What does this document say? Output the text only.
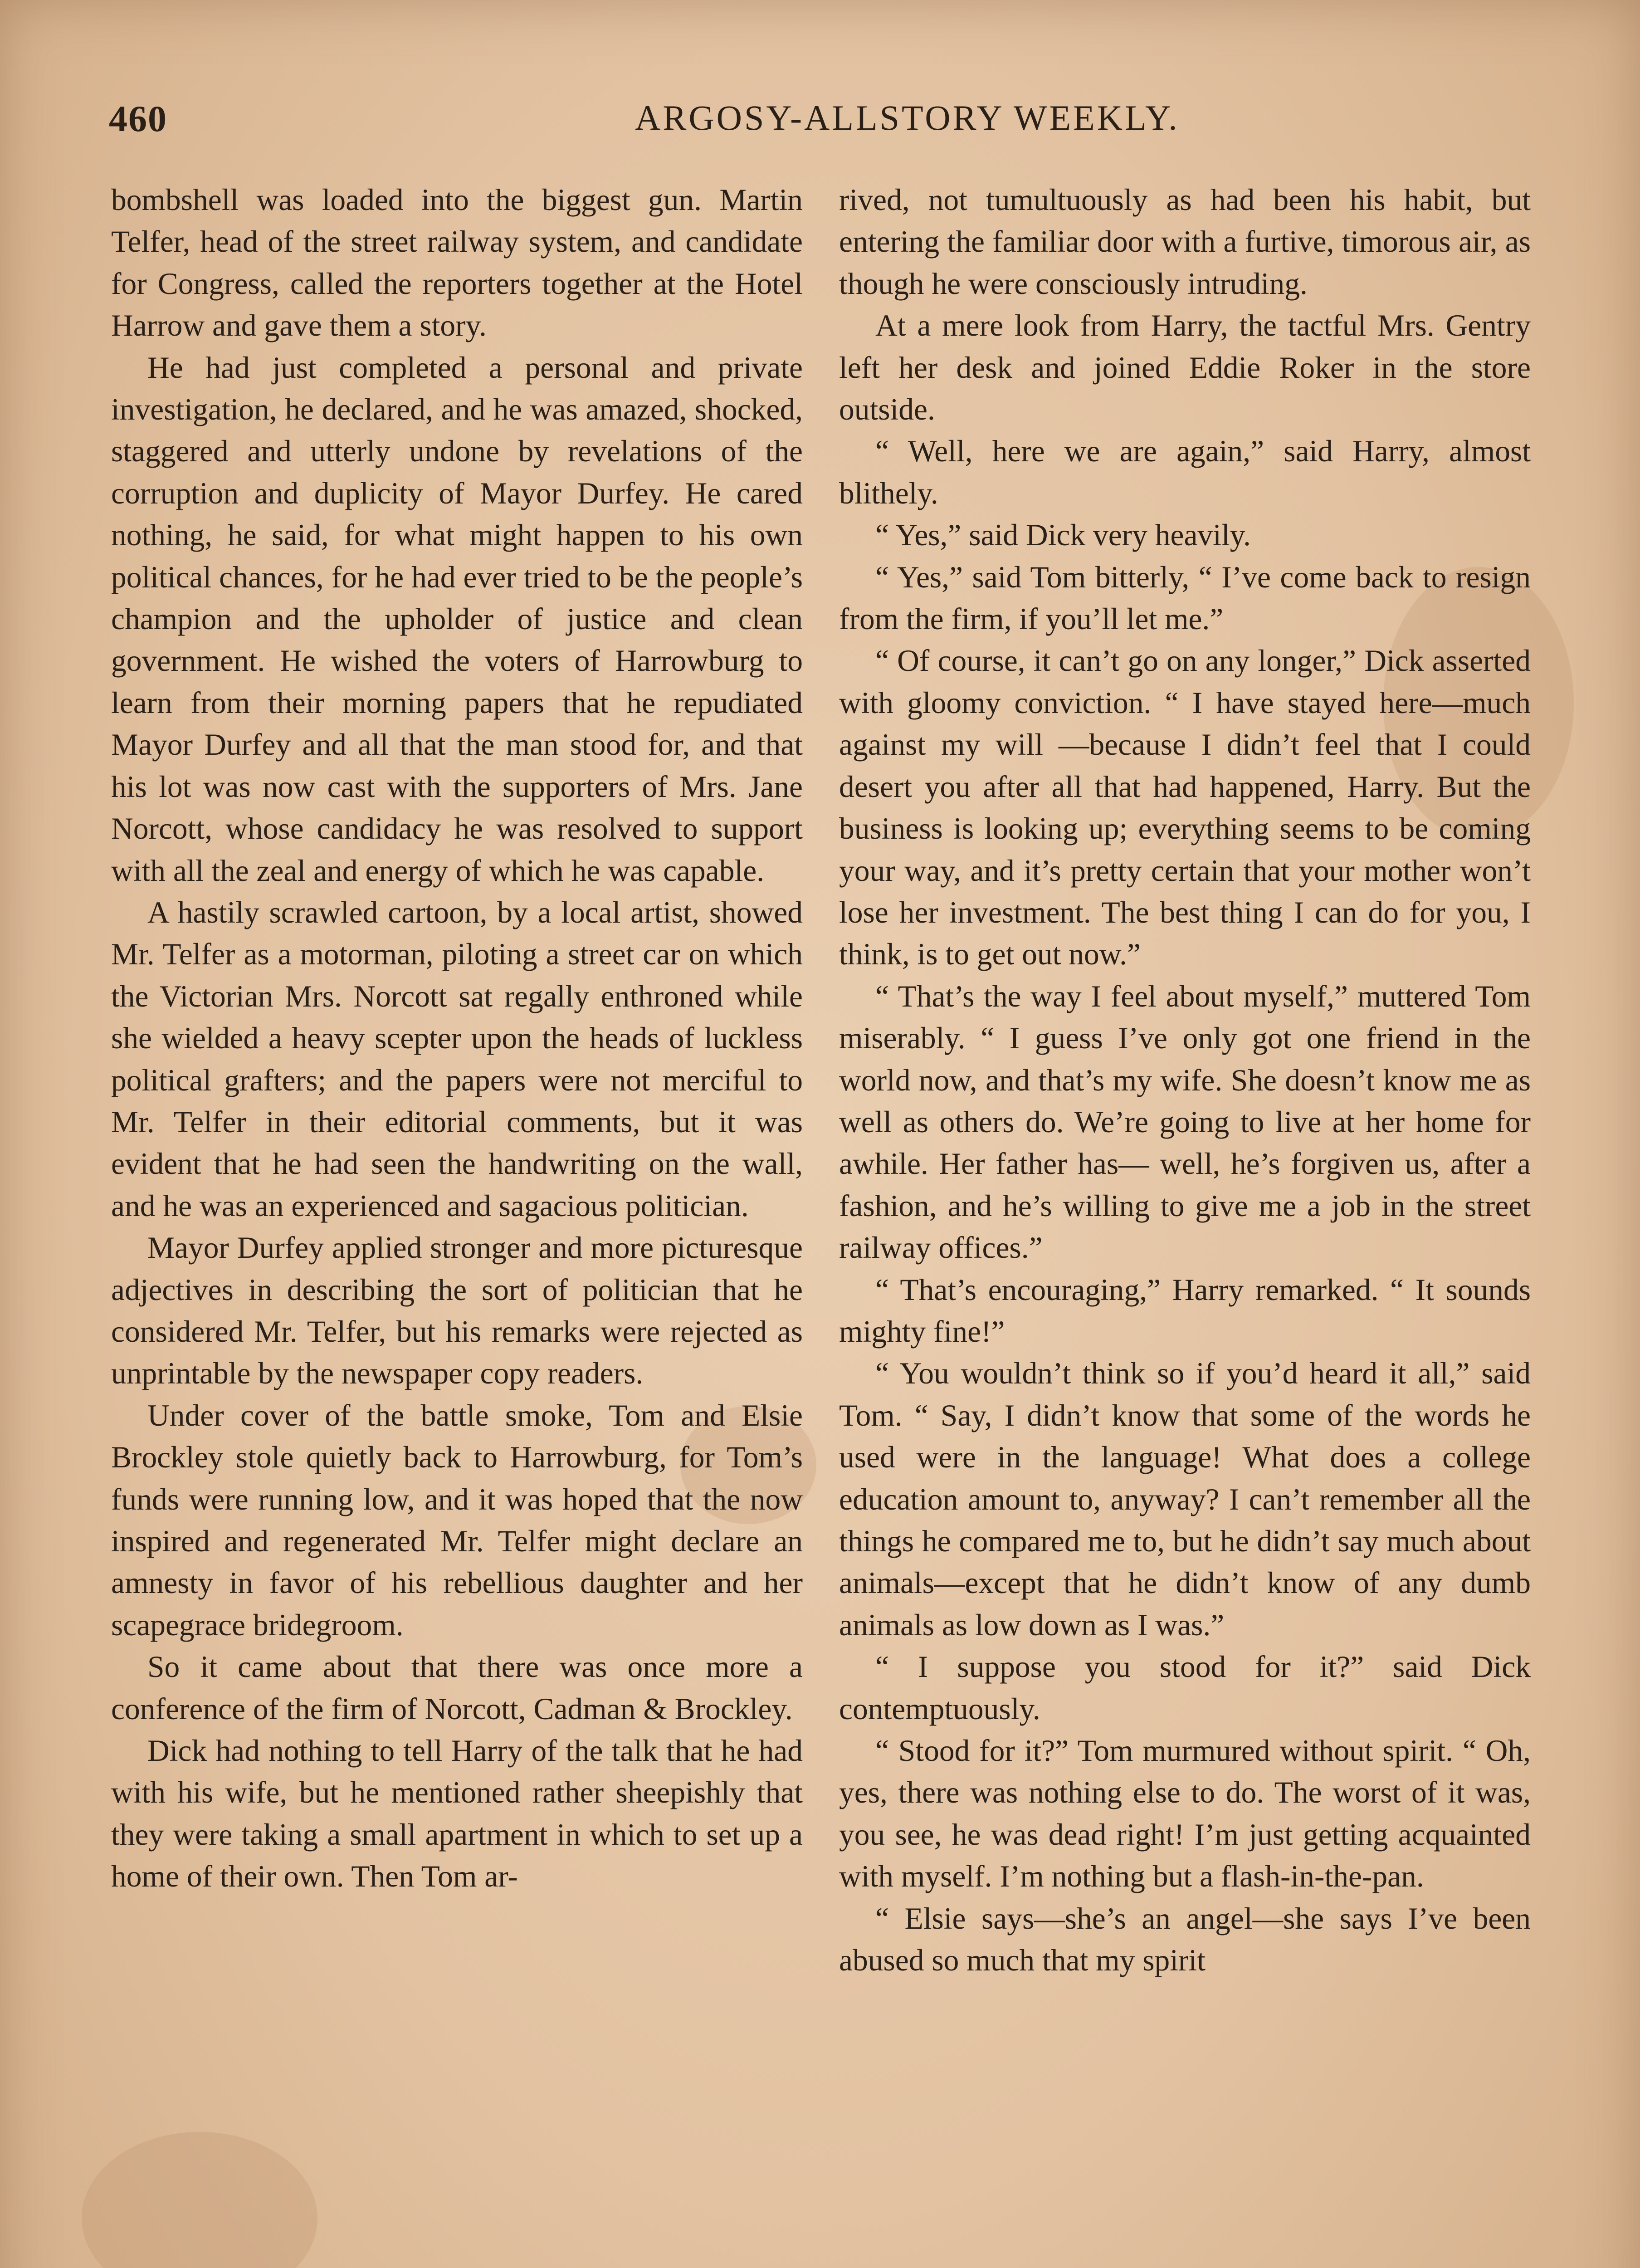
460	ARGOSY-ALLSTORY WEEKLY.

bombshell was loaded into the biggest gun. Martin Telfer, head of the street railway system, and candidate for Congress, called the reporters together at the Hotel Harrow and gave them a story.

He had just completed a personal and private investigation, he declared, and he was amazed, shocked, staggered and utterly undone by revelations of the corruption and duplicity of Mayor Durfey. He cared nothing, he said, for what might happen to his own political chances, for he had ever tried to be the people’s champion and the upholder of justice and clean government. He wished the voters of Harrowburg to learn from their morning papers that he repudiated Mayor Durfey and all that the man stood for, and that his lot was now cast with the supporters of Mrs. Jane Norcott, whose candidacy he was resolved to support with all the zeal and energy of which he was capable.

A hastily scrawled cartoon, by a local artist, showed Mr. Telfer as a motorman, piloting a street car on which the Victorian Mrs. Norcott sat regally enthroned while she wielded a heavy scepter upon the heads of luckless political grafters; and the papers were not merciful to Mr. Telfer in their editorial comments, but it was evident that he had seen the handwriting on the wall, and he was an experienced and sagacious politician.

Mayor Durfey applied stronger and more picturesque adjectives in describing the sort of politician that he considered Mr. Telfer, but his remarks were rejected as unprintable by the newspaper copy readers.

Under cover of the battle smoke, Tom and Elsie Brockley stole quietly back to Harrowburg, for Tom’s funds were running low, and it was hoped that the now inspired and regenerated Mr. Telfer might declare an amnesty in favor of his rebellious daughter and her scapegrace bridegroom.

So it came about that there was once more a conference of the firm of Norcott, Cadman & Brockley.

Dick had nothing to tell Harry of the talk that he had with his wife, but he mentioned rather sheepishly that they were taking a small apartment in which to set up a home of their own. Then Tom ar-

rived, not tumultuously as had been his habit, but entering the familiar door with a furtive, timorous air, as though he were consciously intruding.

At a mere look from Harry, the tactful Mrs. Gentry left her desk and joined Eddie Roker in the store outside.

“ Well, here we are again,” said Harry, almost blithely.

“ Yes,” said Dick very heavily.

“ Yes,” said Tom bitterly, “ I’ve come back to resign from the firm, if you’ll let me.”

“ Of course, it can’t go on any longer,” Dick asserted with gloomy conviction. “ I have stayed here—much against my will —because I didn’t feel that I could desert you after all that had happened, Harry. But the business is looking up; everything seems to be coming your way, and it’s pretty certain that your mother won’t lose her investment. The best thing I can do for you, I think, is to get out now.”

“ That’s the way I feel about myself,” muttered Tom miserably. “ I guess I’ve only got one friend in the world now, and that’s my wife. She doesn’t know me as well as others do. We’re going to live at her home for awhile. Her father has— well, he’s forgiven us, after a fashion, and he’s willing to give me a job in the street railway offices.”

“ That’s encouraging,” Harry remarked. “ It sounds mighty fine!”

“ You wouldn’t think so if you’d heard it all,” said Tom. “ Say, I didn’t know that some of the words he used were in the language! What does a college education amount to, anyway? I can’t remember all the things he compared me to, but he didn’t say much about animals—except that he didn’t know of any dumb animals as low down as I was.”

“ I suppose you stood for it?” said Dick contemptuously.

“ Stood for it?” Tom murmured without spirit. “ Oh, yes, there was nothing else to do. The worst of it was, you see, he was dead right! I’m just getting acquainted with myself. I’m nothing but a flash-in-the-pan.

“ Elsie says—she’s an angel—she says I’ve been abused so much that my spirit
